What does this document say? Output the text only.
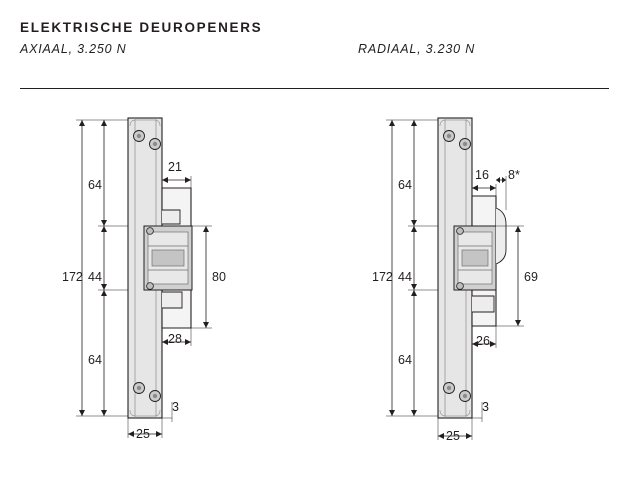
ELEKTRISCHE DEUROPENERS
AXIAAL, 3.250 N	RADIAAL, 3.230 N
172
64
44
64
21
80
28
25
3
172
64
44
64
16 8*
69
26
25
3
